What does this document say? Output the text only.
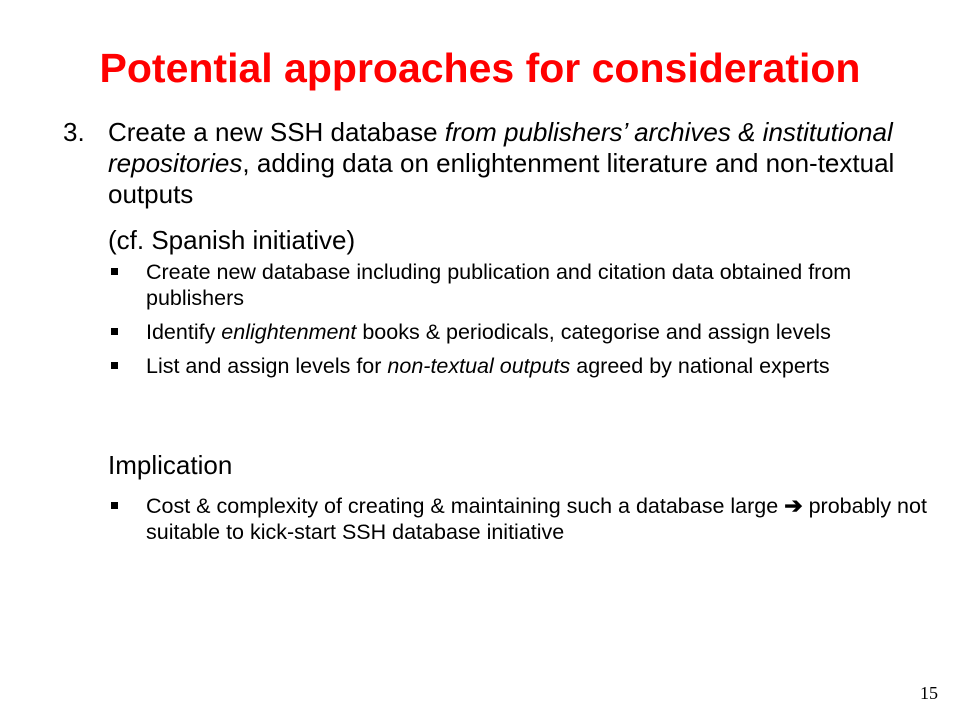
Potential approaches for consideration
3. Create a new SSH database from publishers’ archives & institutional repositories, adding data on enlightenment literature and non-textual outputs
(cf. Spanish initiative)
Create new database including publication and citation data obtained from publishers
Identify enlightenment books & periodicals, categorise and assign levels
List and assign levels for non-textual outputs agreed by national experts
Implication
Cost & complexity of creating & maintaining such a database large ➔ probably not suitable to kick-start SSH database initiative
15
